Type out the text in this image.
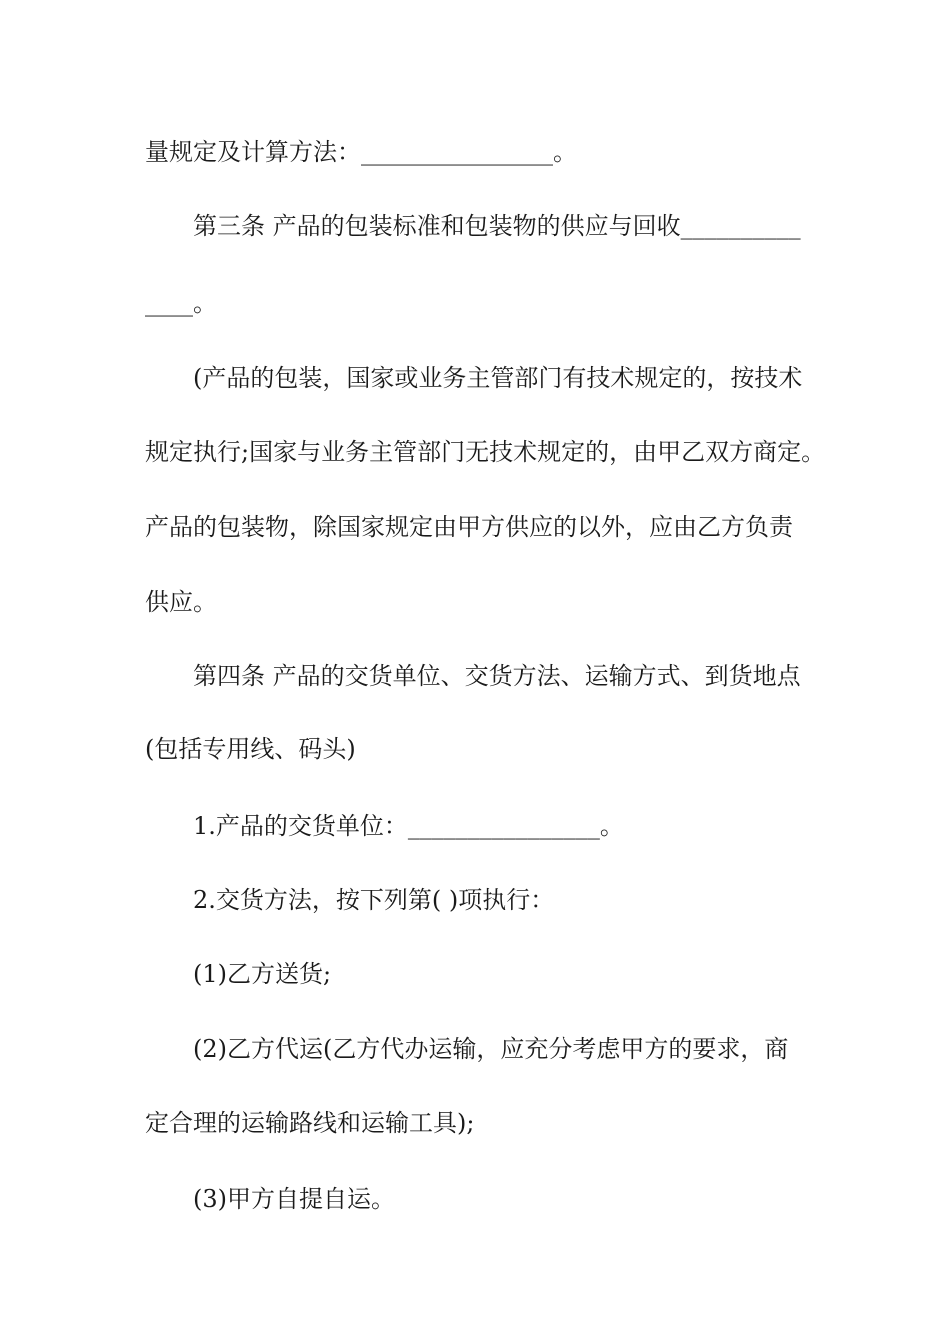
量规定及计算方法：________________。
第三条 产品的包装标准和包装物的供应与回收__________
____。
(产品的包装，国家或业务主管部门有技术规定的，按技术
规定执行;国家与业务主管部门无技术规定的，由甲乙双方商定。
产品的包装物，除国家规定由甲方供应的以外，应由乙方负责
供应。
第四条 产品的交货单位、交货方法、运输方式、到货地点
(包括专用线、码头)
1.产品的交货单位：________________。
2.交货方法，按下列第( )项执行：
(1)乙方送货;
(2)乙方代运(乙方代办运输，应充分考虑甲方的要求，商
定合理的运输路线和运输工具);
(3)甲方自提自运。
